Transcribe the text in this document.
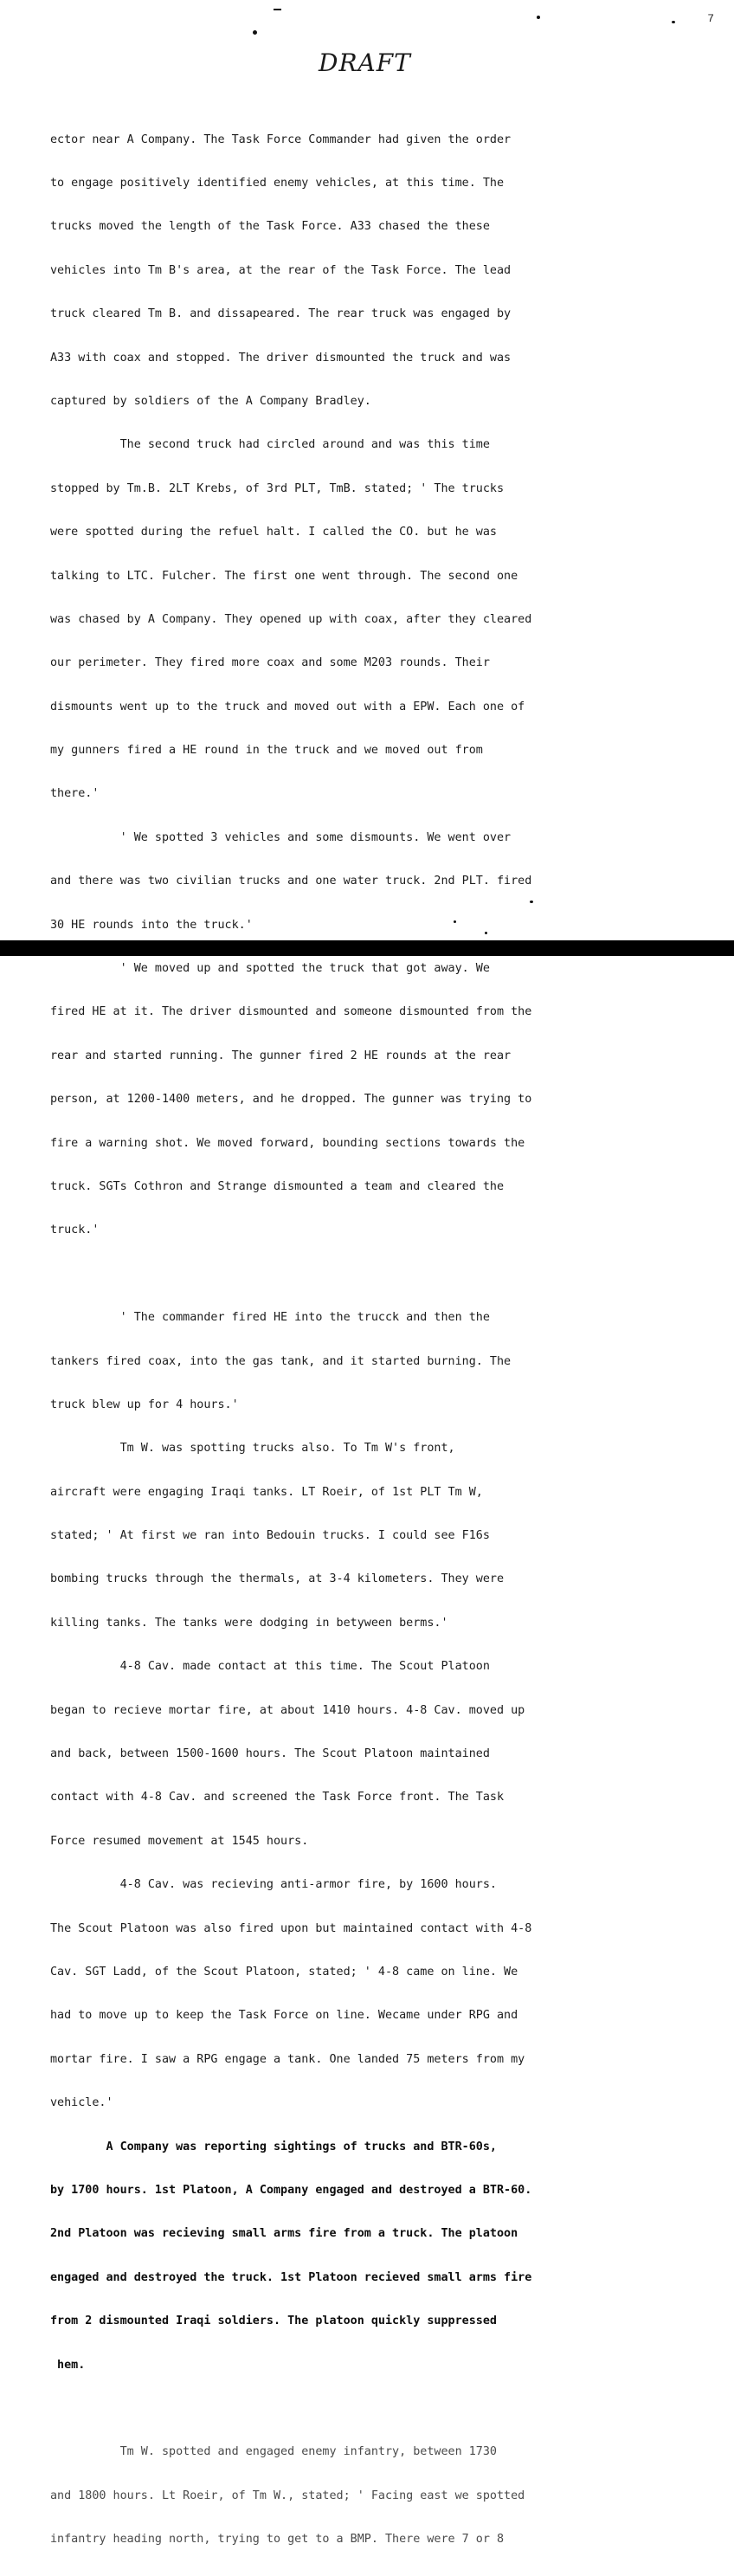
7
DRAFT

ector near A Company. The Task Force Commander had given the order

to engage positively identified enemy vehicles, at this time. The

trucks moved the length of the Task Force. A33 chased the these

vehicles into Tm B's area, at the rear of the Task Force. The lead

truck cleared Tm B. and dissapeared. The rear truck was engaged by

A33 with coax and stopped. The driver dismounted the truck and was

captured by soldiers of the A Company Bradley.

The second truck had circled around and was this time

stopped by Tm.B. 2LT Krebs, of 3rd PLT, TmB. stated; ' The trucks

were spotted during the refuel halt. I called the CO. but he was

talking to LTC. Fulcher. The first one went through. The second one

was chased by A Company. They opened up with coax, after they cleared

our perimeter. They fired more coax and some M203 rounds. Their

dismounts went up to the truck and moved out with a EPW. Each one of

my gunners fired a HE round in the truck and we moved out from

there.'

' We spotted 3 vehicles and some dismounts. We went over

and there was two civilian trucks and one water truck. 2nd PLT. fired

30 HE rounds into the truck.'

' We moved up and spotted the truck that got away. We

fired HE at it. The driver dismounted and someone dismounted from the

rear and started running. The gunner fired 2 HE rounds at the rear

person, at 1200-1400 meters, and he dropped. The gunner was trying to

fire a warning shot. We moved forward, bounding sections towards the

truck. SGTs Cothron and Strange dismounted a team and cleared the

truck.'

' The commander fired HE into the trucck and then the

tankers fired coax, into the gas tank, and it started burning. The

truck blew up for 4 hours.'

Tm W. was spotting trucks also. To Tm W's front,

aircraft were engaging Iraqi tanks. LT Roeir, of 1st PLT Tm W,

stated; ' At first we ran into Bedouin trucks. I could see F16s

bombing trucks through the thermals, at 3-4 kilometers. They were

killing tanks. The tanks were dodging in betyween berms.'

4-8 Cav. made contact at this time. The Scout Platoon

began to recieve mortar fire, at about 1410 hours. 4-8 Cav. moved up

and back, between 1500-1600 hours. The Scout Platoon maintained

contact with 4-8 Cav. and screened the Task Force front. The Task

Force resumed movement at 1545 hours.

4-8 Cav. was recieving anti-armor fire, by 1600 hours.

The Scout Platoon was also fired upon but maintained contact with 4-8

Cav. SGT Ladd, of the Scout Platoon, stated; ' 4-8 came on line. We

had to move up to keep the Task Force on line. Wecame under RPG and

mortar fire. I saw a RPG engage a tank. One landed 75 meters from my

vehicle.'

A Company was reporting sightings of trucks and BTR-60s,

by 1700 hours. 1st Platoon, A Company engaged and destroyed a BTR-60.

2nd Platoon was recieving small arms fire from a truck. The platoon

engaged and destroyed the truck. 1st Platoon recieved small arms fire

from 2 dismounted Iraqi soldiers. The platoon quickly suppressed

hem.

Tm W. spotted and engaged enemy infantry, between 1730

and 1800 hours. Lt Roeir, of Tm W., stated; ' Facing east we spotted

infantry heading north, trying to get to a BMP. There were 7 or 8
